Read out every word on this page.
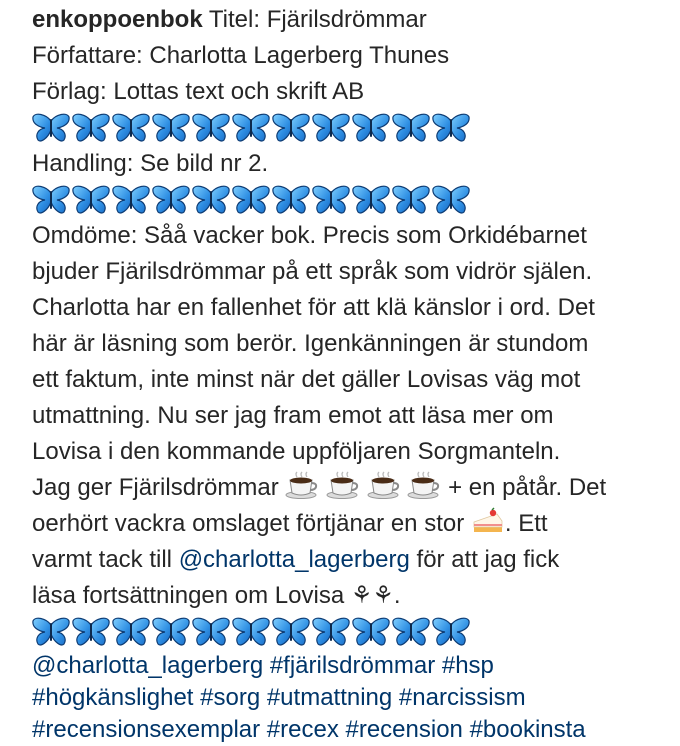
enkoppoenbok Titel: Fjärilsdrömmar
Författare: Charlotta Lagerberg Thunes
Förlag: Lottas text och skrift AB
Handling: Se bild nr 2.
Omdöme: Såå vacker bok. Precis som Orkidébarnet
bjuder Fjärilsdrömmar på ett språk som vidrör själen.
Charlotta har en fallenhet för att klä känslor i ord. Det
här är läsning som berör. Igenkänningen är stundom
ett faktum, inte minst när det gäller Lovisas väg mot
utmattning. Nu ser jag fram emot att läsa mer om
Lovisa i den kommande uppföljaren Sorgmanteln.
Jag ger Fjärilsdrömmar

	+ en påtår. Det
oerhört vackra omslaget förtjänar en stor
. Ett
varmt tack till @charlotta_lagerberg för att jag fick
läsa fortsättningen om Lovisa ⚘⚘.
@charlotta_lagerberg #fjärilsdrömmar #hsp
#högkänslighet #sorg #utmattning #narcissism
#recensionsexemplar #recex #recension #bookinsta
